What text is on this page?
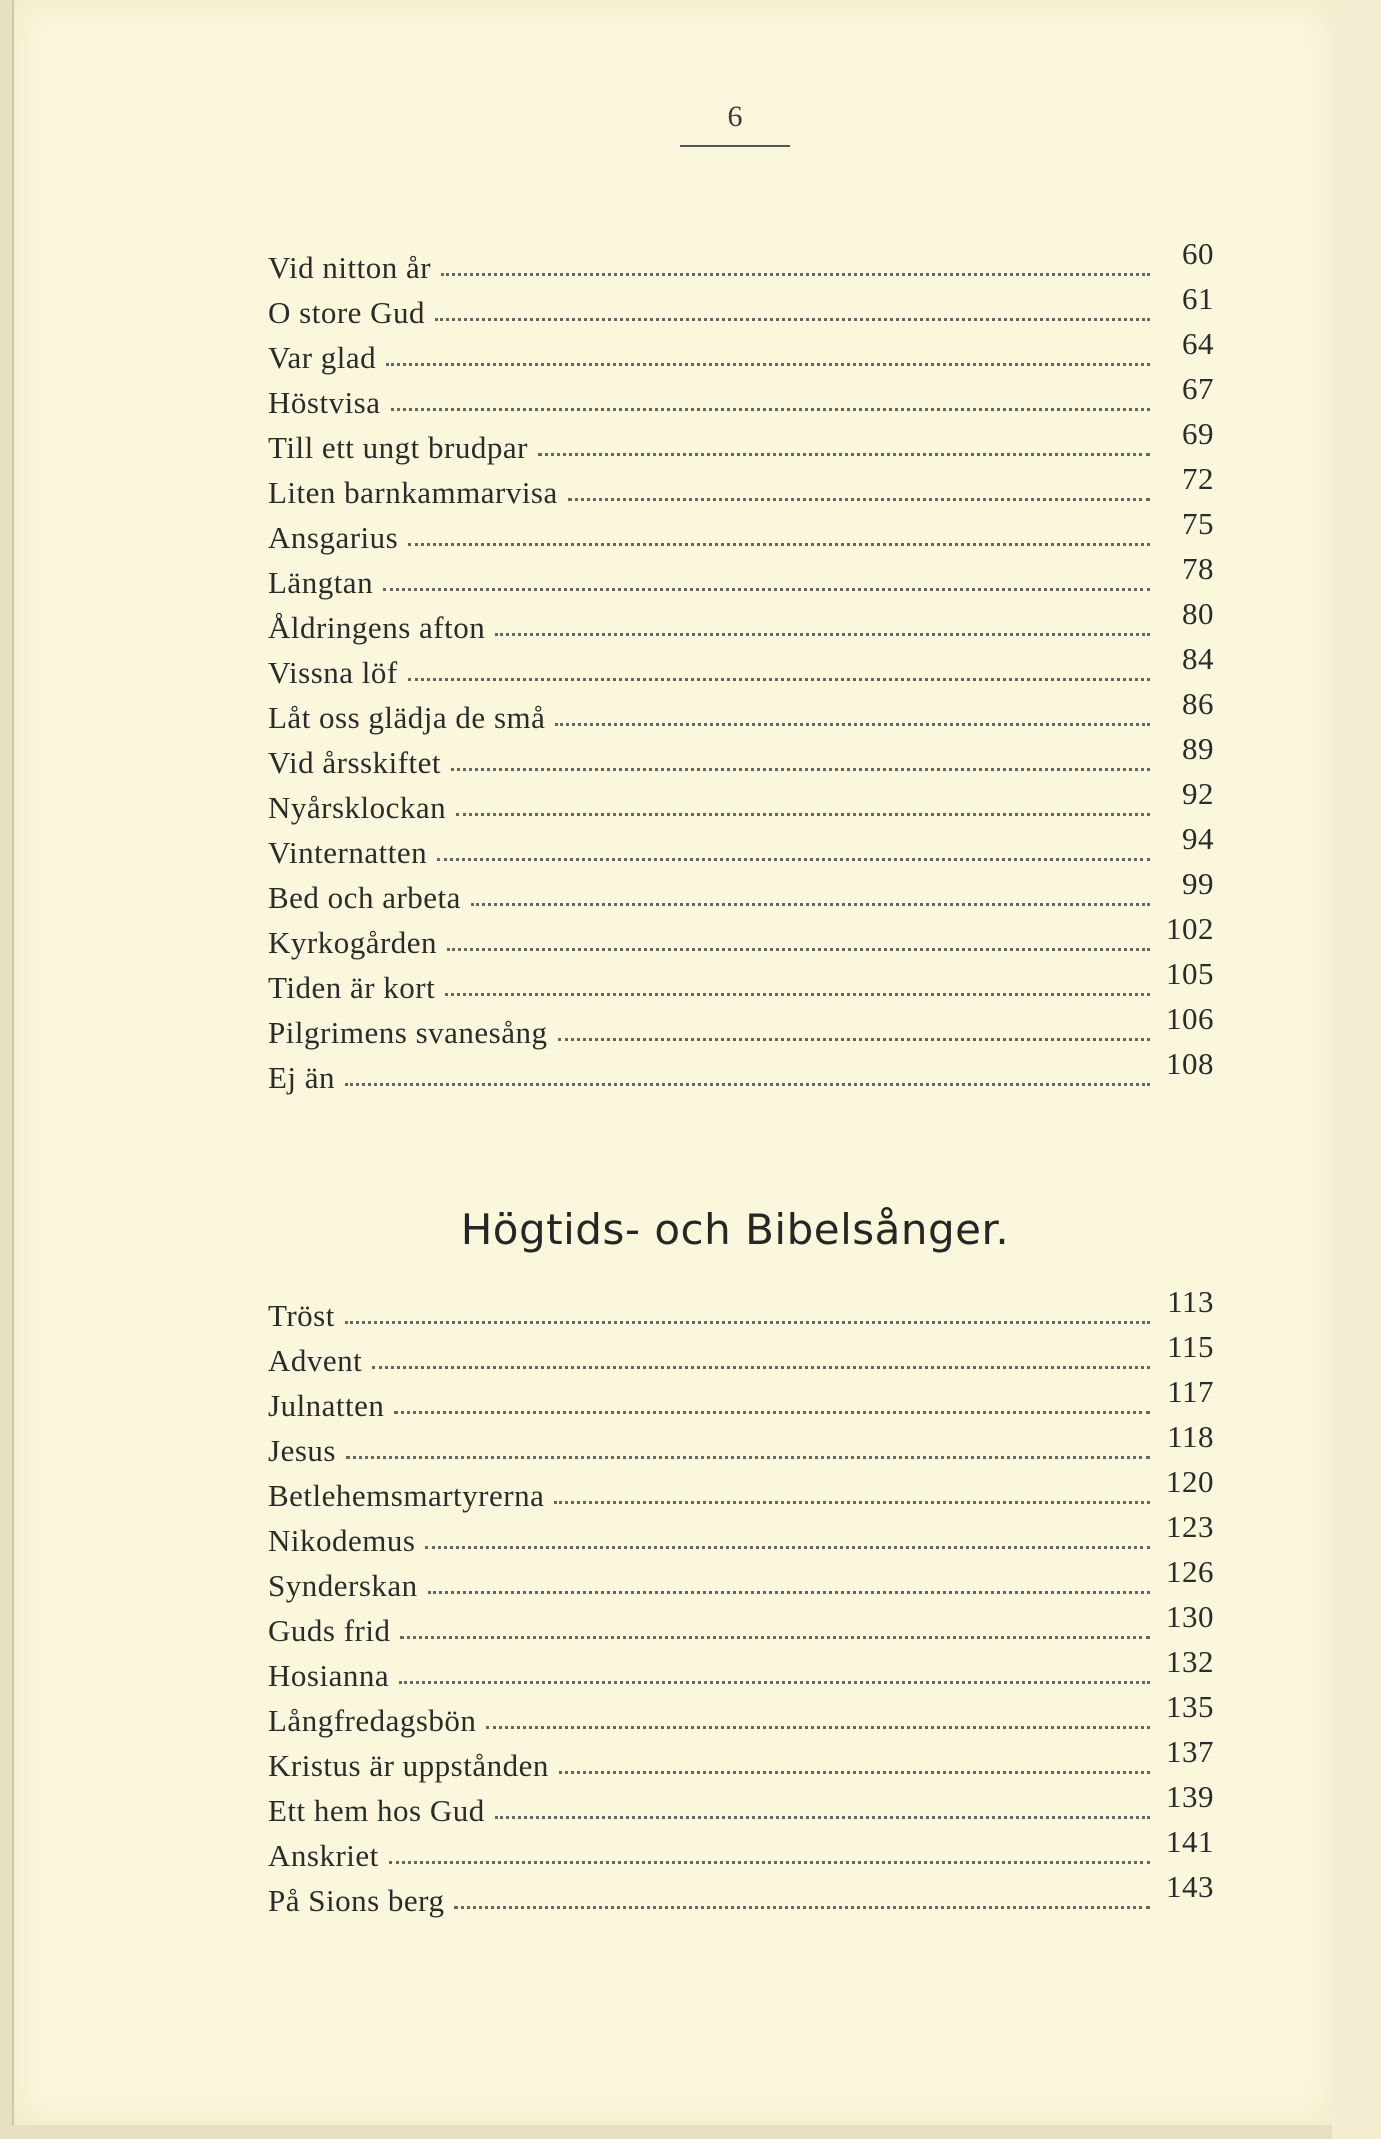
6
Vid nitton år	60
O store Gud	61
Var glad	64
Höstvisa	67
Till ett ungt brudpar	69
Liten barnkammarvisa	72
Ansgarius	75
Längtan	78
Åldringens afton	80
Vissna löf	84
Låt oss glädja de små	86
Vid årsskiftet	89
Nyårsklockan	92
Vinternatten	94
Bed och arbeta	99
Kyrkogården	102
Tiden är kort	105
Pilgrimens svanesång	106
Ej än	108
Högtids- och Bibelsånger.
Tröst	113
Advent	115
Julnatten	117
Jesus	118
Betlehemsmartyrerna	120
Nikodemus	123
Synderskan	126
Guds frid	130
Hosianna	132
Långfredagsbön	135
Kristus är uppstånden	137
Ett hem hos Gud	139
Anskriet	141
På Sions berg	143
